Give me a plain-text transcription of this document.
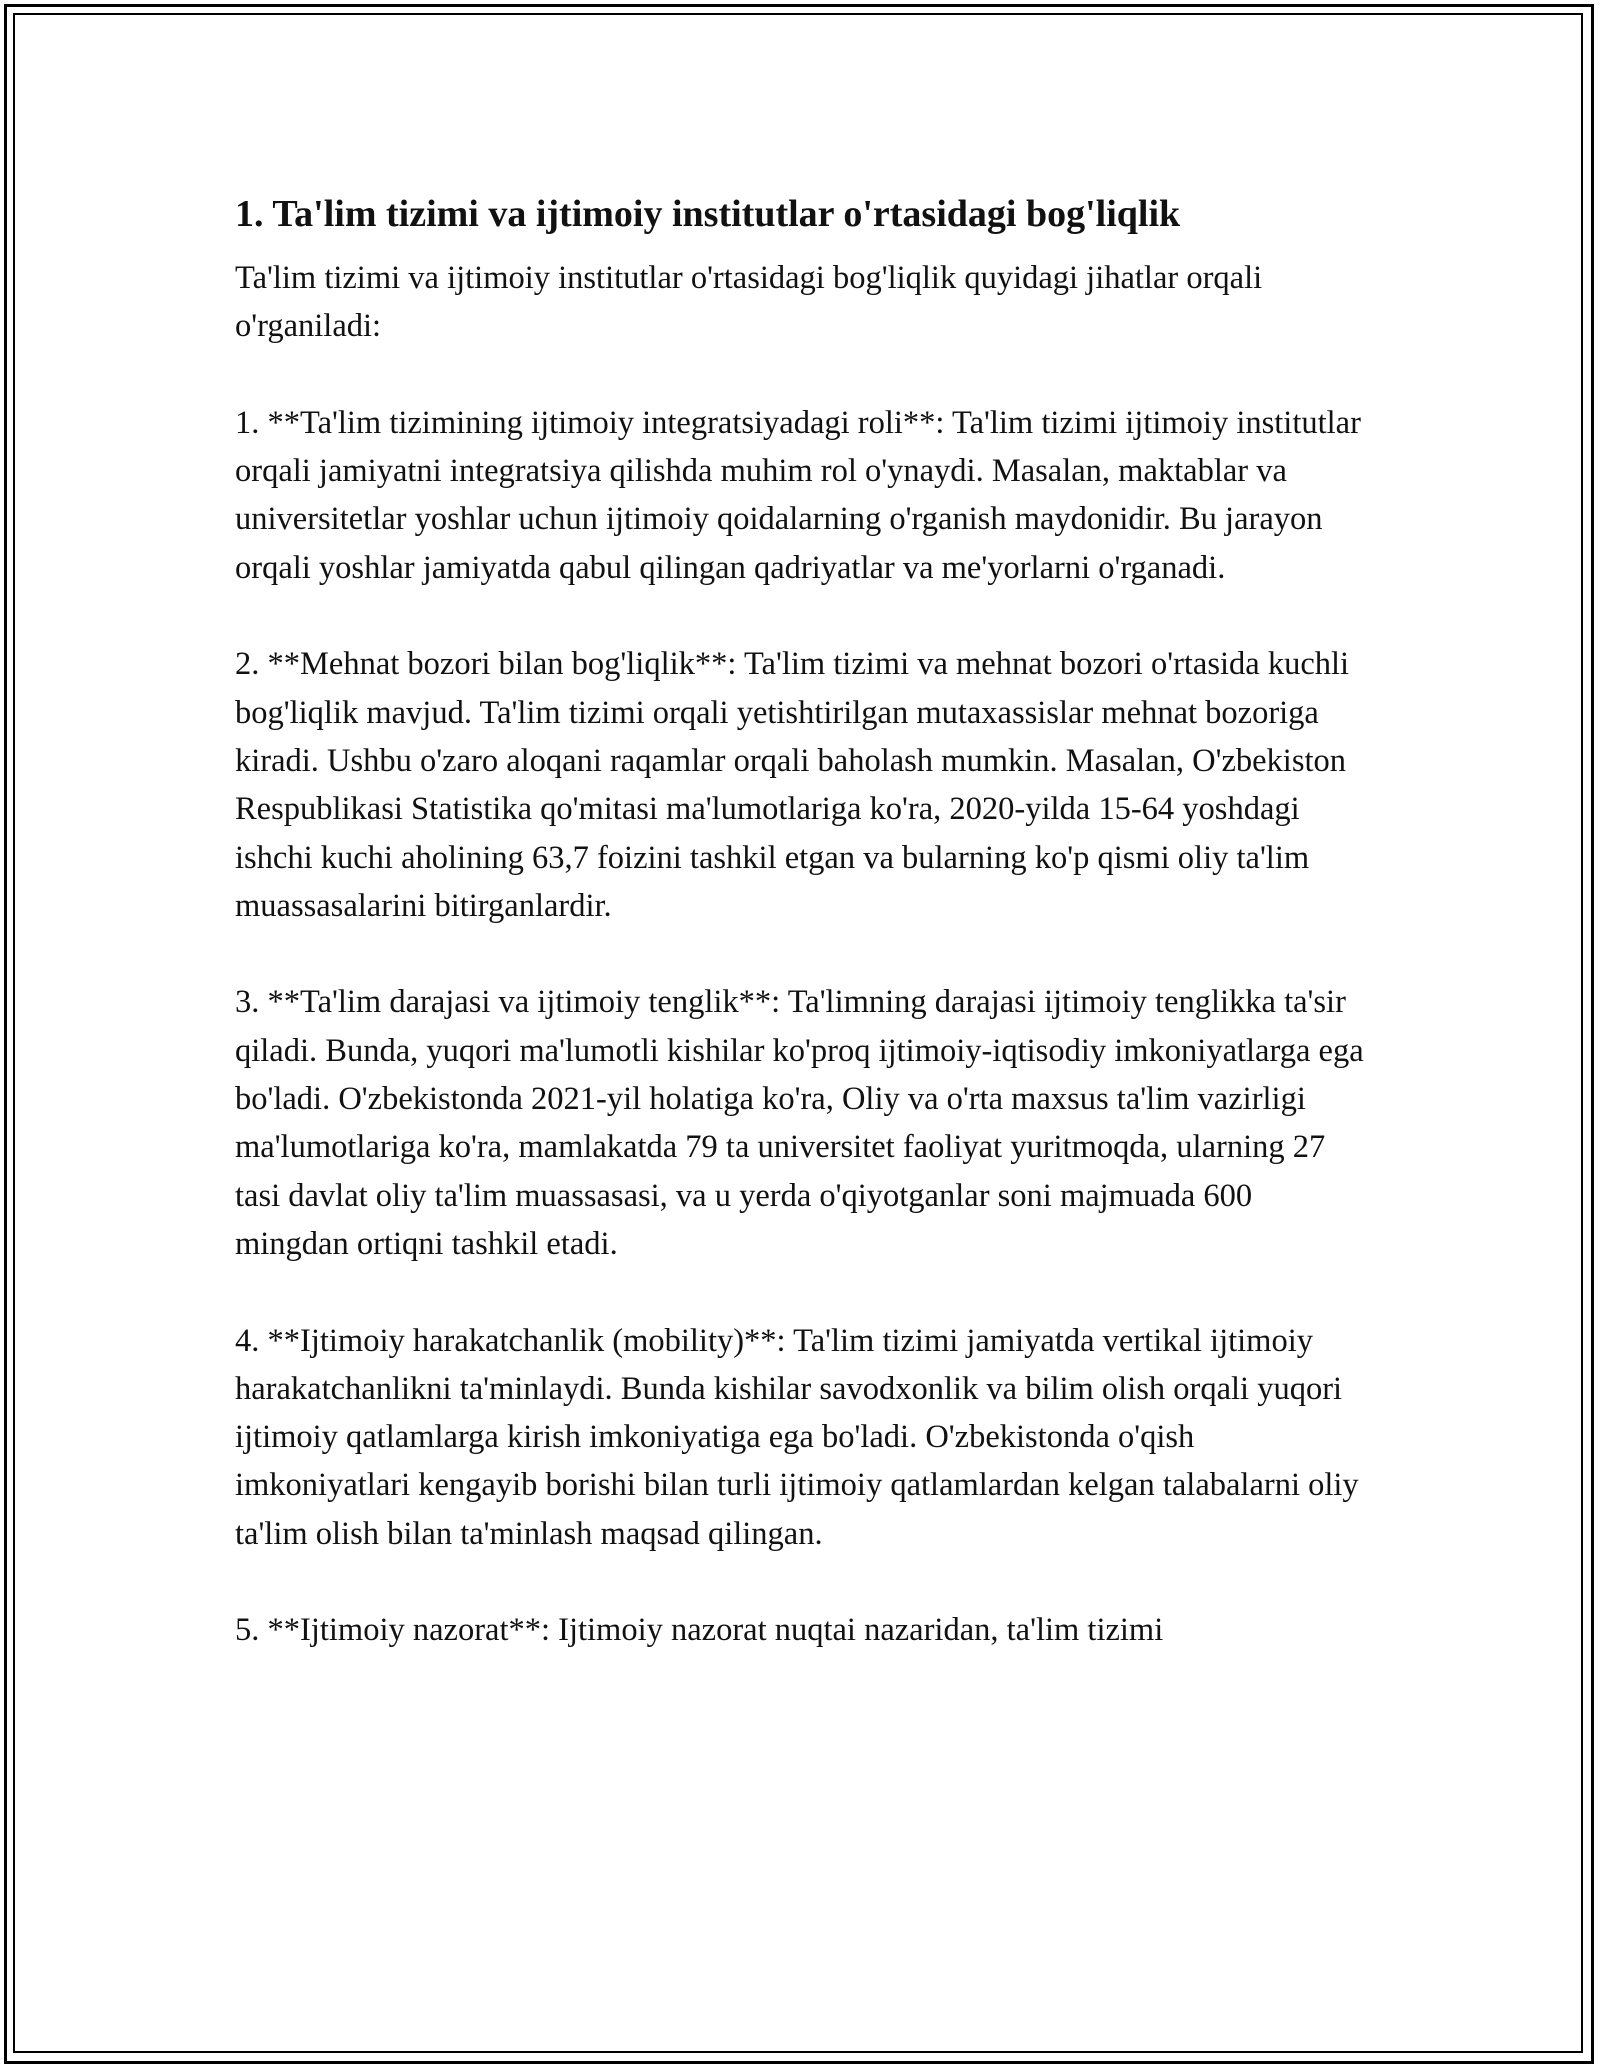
1. Ta'lim tizimi va ijtimoiy institutlar o'rtasidagi bog'liqlik

Ta'lim tizimi va ijtimoiy institutlar o'rtasidagi bog'liqlik quyidagi jihatlar orqali o'rganiladi:

1. **Ta'lim tizimining ijtimoiy integratsiyadagi roli**: Ta'lim tizimi ijtimoiy institutlar orqali jamiyatni integratsiya qilishda muhim rol o'ynaydi. Masalan, maktablar va universitetlar yoshlar uchun ijtimoiy qoidalarning o'rganish maydonidir. Bu jarayon orqali yoshlar jamiyatda qabul qilingan qadriyatlar va me'yorlarni o'rganadi.

2. **Mehnat bozori bilan bog'liqlik**: Ta'lim tizimi va mehnat bozori o'rtasida kuchli bog'liqlik mavjud. Ta'lim tizimi orqali yetishtirilgan mutaxassislar mehnat bozoriga kiradi. Ushbu o'zaro aloqani raqamlar orqali baholash mumkin. Masalan, O'zbekiston Respublikasi Statistika qo'mitasi ma'lumotlariga ko'ra, 2020-yilda 15-64 yoshdagi ishchi kuchi aholining 63,7 foizini tashkil etgan va bularning ko'p qismi oliy ta'lim muassasalarini bitirganlardir.

3. **Ta'lim darajasi va ijtimoiy tenglik**: Ta'limning darajasi ijtimoiy tenglikka ta'sir qiladi. Bunda, yuqori ma'lumotli kishilar ko'proq ijtimoiy-iqtisodiy imkoniyatlarga ega bo'ladi. O'zbekistonda 2021-yil holatiga ko'ra, Oliy va o'rta maxsus ta'lim vazirligi ma'lumotlariga ko'ra, mamlakatda 79 ta universitet faoliyat yuritmoqda, ularning 27 tasi davlat oliy ta'lim muassasasi, va u yerda o'qiyotganlar soni majmuada 600 mingdan ortiqni tashkil etadi.

4. **Ijtimoiy harakatchanlik (mobility)**: Ta'lim tizimi jamiyatda vertikal ijtimoiy harakatchanlikni ta'minlaydi. Bunda kishilar savodxonlik va bilim olish orqali yuqori ijtimoiy qatlamlarga kirish imkoniyatiga ega bo'ladi. O'zbekistonda o'qish imkoniyatlari kengayib borishi bilan turli ijtimoiy qatlamlardan kelgan talabalarni oliy ta'lim olish bilan ta'minlash maqsad qilingan.

5. **Ijtimoiy nazorat**: Ijtimoiy nazorat nuqtai nazaridan, ta'lim tizimi
